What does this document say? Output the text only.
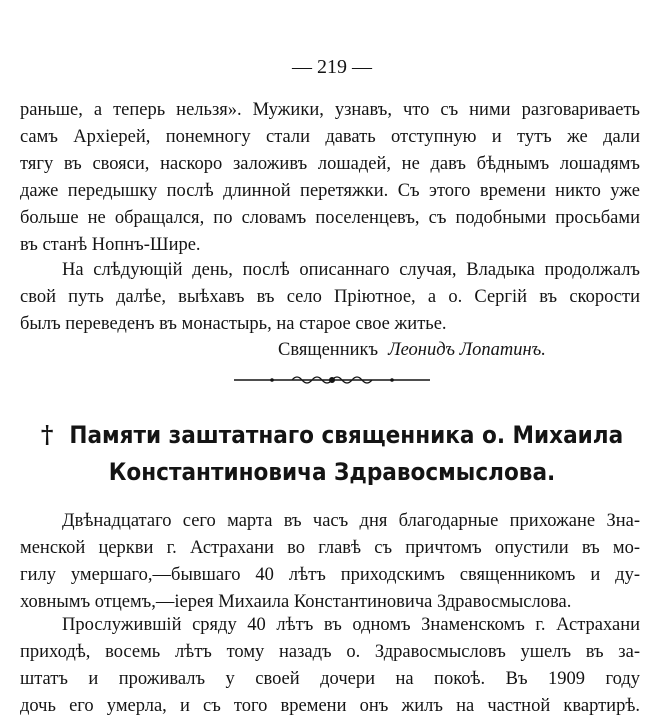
— 219 —
раньше, а теперь нельзя». Мужики, узнавъ, что съ ними разговариваеть
самъ Архіерей, понемногу стали давать отступную и тутъ же дали
тягу въ свояси, наскоро заложивъ лошадей, не давъ бѣднымъ лошадямъ
даже передышку послѣ длинной перетяжки. Съ этого времени никто уже
больше не обращался, по словамъ поселенцевъ, съ подобными просьбами
въ станѣ Нопнъ-Шире.
На слѣдующій день, послѣ описаннаго случая, Владыка продолжалъ
свой путь далѣе, выѣхавъ въ село Пріютное, а о. Сергій въ скорости
былъ переведенъ въ монастырь, на старое свое житье.
Священникъ Леонидъ Лопатинъ.
† Памяти заштатнаго священника о. Михаила
Константиновича Здравосмыслова.
Двѣнадцатаго сего марта въ часъ дня благодарные прихожане Зна-
менской церкви г. Астрахани во главѣ съ причтомъ опустили въ мо-
гилу умершаго,—бывшаго 40 лѣтъ приходскимъ священникомъ и ду-
ховнымъ отцемъ,—iерея Михаила Константиновича Здравосмыслова.
Прослужившій сряду 40 лѣтъ въ одномъ Знаменскомъ г. Астрахани
приходѣ, восемь лѣтъ тому назадъ о. Здравосмысловъ ушелъ въ за-
штатъ и проживалъ у своей дочери на покоѣ. Въ 1909 году
дочь его умерла, и съ того времени онъ жилъ на частной квартирѣ.
